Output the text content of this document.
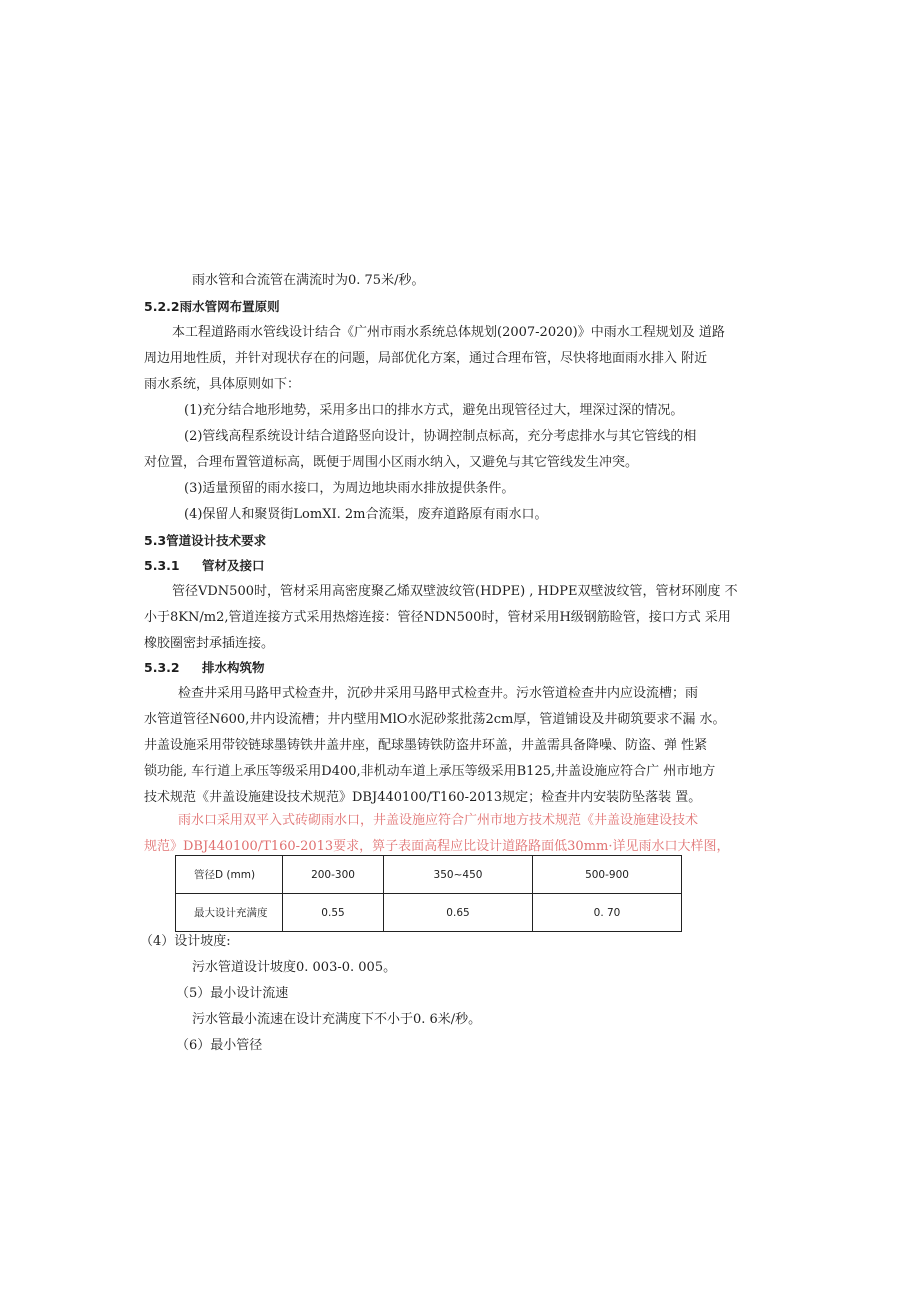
雨水管和合流管在满流时为0. 75米/秒。
5.2.2雨水管网布置原则
本工程道路雨水管线设计结合《广州市雨水系统总体规划(2007-2020)》中雨水工程规划及 道路
周边用地性质，并针对现状存在的问题，局部优化方案，通过合理布管，尽快将地面雨水排入 附近
雨水系统，具体原则如下：
(1)充分结合地形地势，采用多出口的排水方式，避免出现管径过大，埋深过深的情况。
(2)管线高程系统设计结合道路竖向设计，协调控制点标高，充分考虑排水与其它管线的相
对位置，合理布置管道标高，既便于周围小区雨水纳入，又避免与其它管线发生冲突。
(3)适量预留的雨水接口，为周边地块雨水排放提供条件。
(4)保留人和聚贤街LomXI. 2m合流渠，废弃道路原有雨水口。
5.3管道设计技术要求
5.3.1 管材及接口
管径VDN500时，管材采用高密度聚乙烯双壁波纹管(HDPE) , HDPE双壁波纹管，管材环刚度 不
小于8KN/m2,管道连接方式采用热熔连接：管径NDN500时，管材采用H级钢筋睑管，接口方式 采用
橡胶圈密封承插连接。
5.3.2 排水构筑物
检查井采用马路甲式检查井，沉砂井采用马路甲式检查井。污水管道检查井内应设流槽；雨
水管道管径N600,井内设流槽；井内壁用MlO水泥砂浆批荡2cm厚，管道铺设及井砌筑要求不漏 水。
井盖设施采用带铰链球墨铸铁井盖井座，配球墨铸铁防盗井环盖，井盖需具备降噪、防盗、弹 性紧
锁功能, 车行道上承压等级采用D400,非机动车道上承压等级采用B125,井盖设施应符合广 州市地方
技术规范《井盖设施建设技术规范》DBJ440100/T160-2013规定；检查井内安装防坠落装 置。
雨水口采用双平入式砖砌雨水口，井盖设施应符合广州市地方技术规范《井盖设施建设技术
规范》DBJ440100/T160-2013要求，箅子表面高程应比设计道路路面低30mm·详见雨水口大样图，
管径D (mm)	200-300	350~450	500-900
最大设计充满度	0.55	0.65	0. 70
（4）设计坡度:
污水管道设计坡度0. 003-0. 005。
（5）最小设计流速
污水管最小流速在设计充满度下不小于0. 6米/秒。
（6）最小管径
